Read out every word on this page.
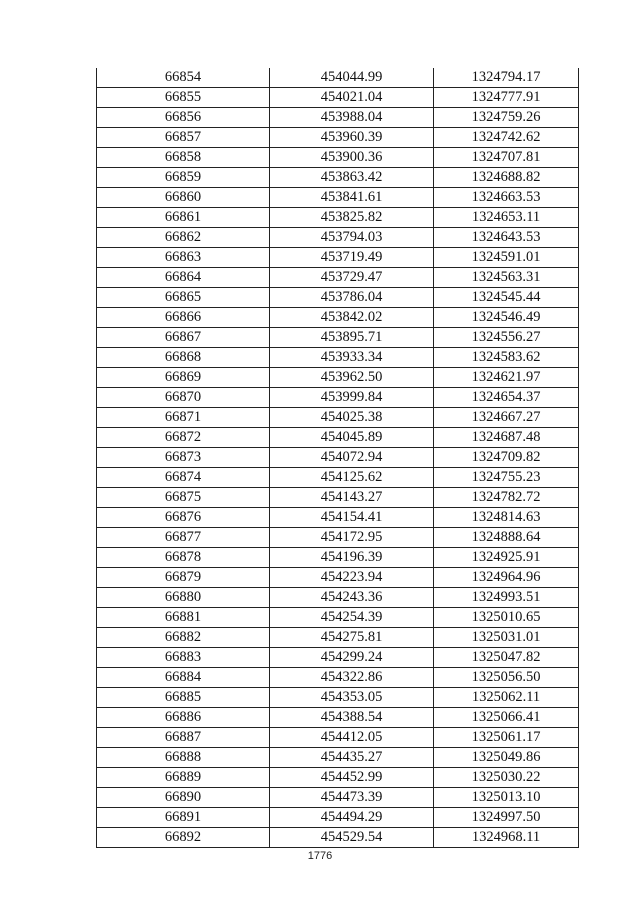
66854	454044.99	1324794.17
66855	454021.04	1324777.91
66856	453988.04	1324759.26
66857	453960.39	1324742.62
66858	453900.36	1324707.81
66859	453863.42	1324688.82
66860	453841.61	1324663.53
66861	453825.82	1324653.11
66862	453794.03	1324643.53
66863	453719.49	1324591.01
66864	453729.47	1324563.31
66865	453786.04	1324545.44
66866	453842.02	1324546.49
66867	453895.71	1324556.27
66868	453933.34	1324583.62
66869	453962.50	1324621.97
66870	453999.84	1324654.37
66871	454025.38	1324667.27
66872	454045.89	1324687.48
66873	454072.94	1324709.82
66874	454125.62	1324755.23
66875	454143.27	1324782.72
66876	454154.41	1324814.63
66877	454172.95	1324888.64
66878	454196.39	1324925.91
66879	454223.94	1324964.96
66880	454243.36	1324993.51
66881	454254.39	1325010.65
66882	454275.81	1325031.01
66883	454299.24	1325047.82
66884	454322.86	1325056.50
66885	454353.05	1325062.11
66886	454388.54	1325066.41
66887	454412.05	1325061.17
66888	454435.27	1325049.86
66889	454452.99	1325030.22
66890	454473.39	1325013.10
66891	454494.29	1324997.50
66892	454529.54	1324968.11
1776
